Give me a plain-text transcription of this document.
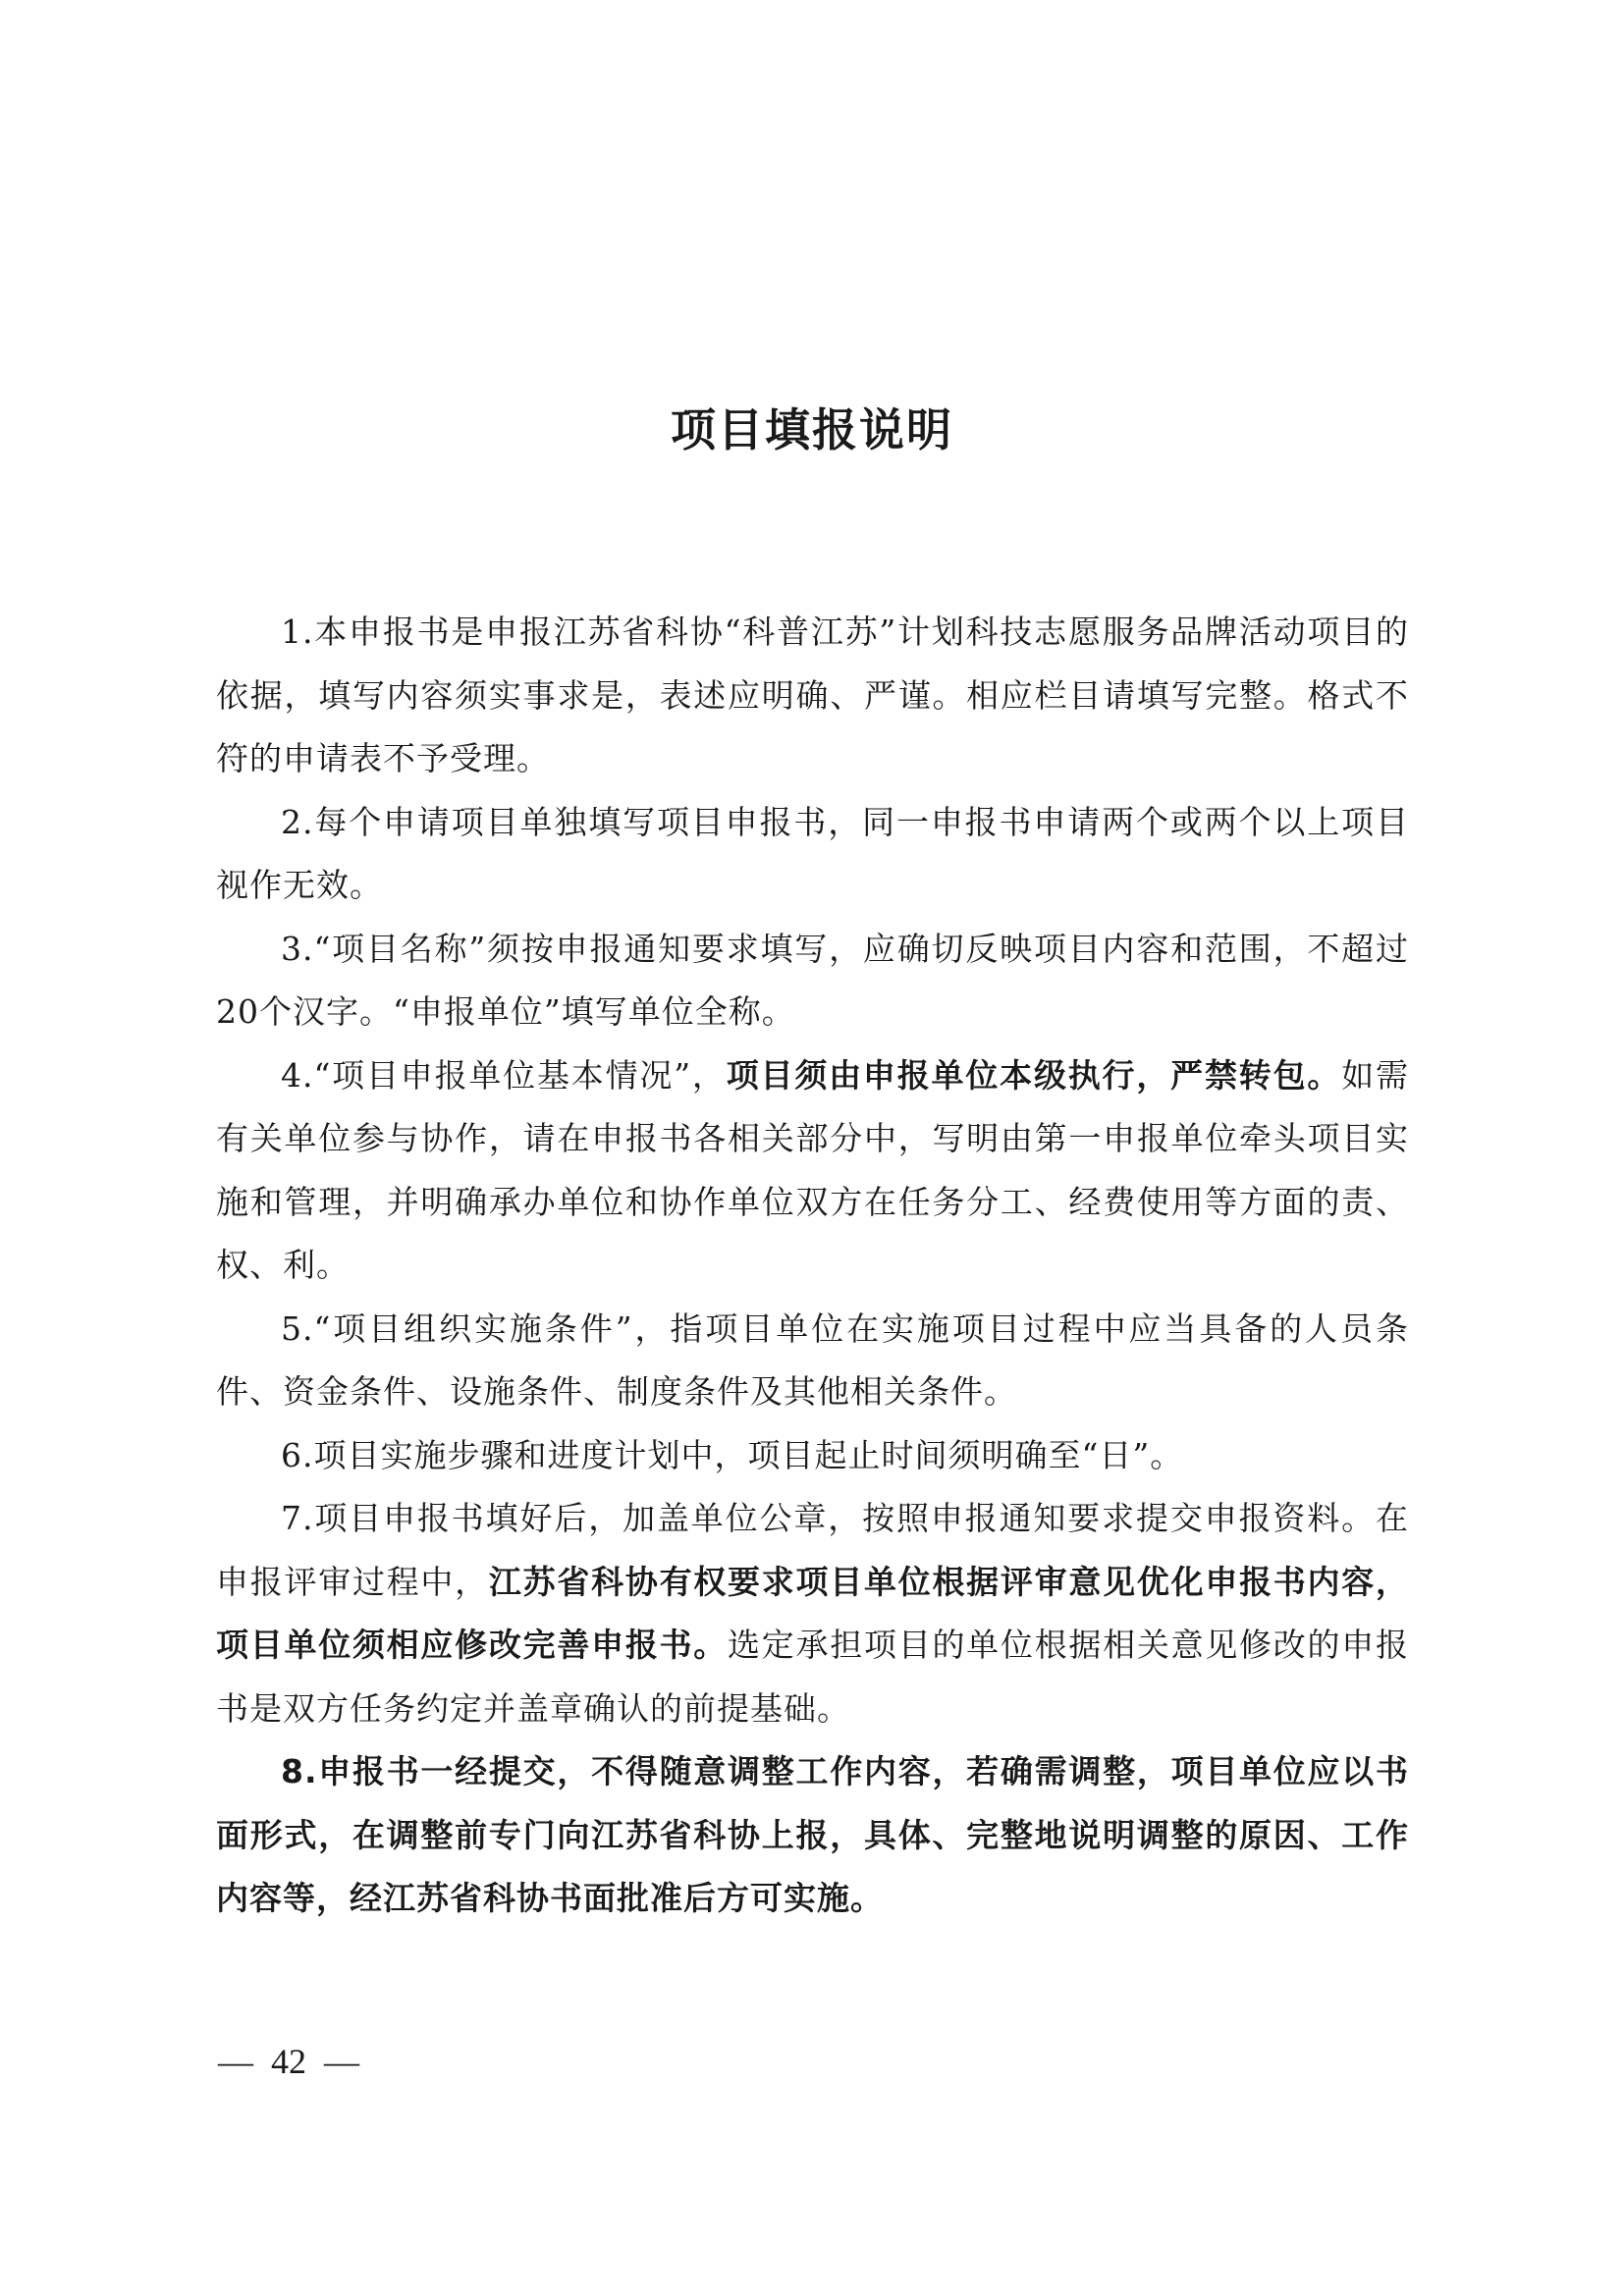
项目填报说明

1.本申报书是申报江苏省科协“科普江苏”计划科技志愿服务品牌活动项目的依据，填写内容须实事求是，表述应明确、严谨。相应栏目请填写完整。格式不符的申请表不予受理。

2.每个申请项目单独填写项目申报书，同一申报书申请两个或两个以上项目视作无效。

3.“项目名称”须按申报通知要求填写，应确切反映项目内容和范围，不超过20个汉字。“申报单位”填写单位全称。

4.“项目申报单位基本情况”，项目须由申报单位本级执行，严禁转包。如需有关单位参与协作，请在申报书各相关部分中，写明由第一申报单位牵头项目实施和管理，并明确承办单位和协作单位双方在任务分工、经费使用等方面的责、权、利。

5.“项目组织实施条件”，指项目单位在实施项目过程中应当具备的人员条件、资金条件、设施条件、制度条件及其他相关条件。

6.项目实施步骤和进度计划中，项目起止时间须明确至“日”。

7.项目申报书填好后，加盖单位公章，按照申报通知要求提交申报资料。在申报评审过程中，江苏省科协有权要求项目单位根据评审意见优化申报书内容，项目单位须相应修改完善申报书。选定承担项目的单位根据相关意见修改的申报书是双方任务约定并盖章确认的前提基础。

8.申报书一经提交，不得随意调整工作内容，若确需调整，项目单位应以书面形式，在调整前专门向江苏省科协上报，具体、完整地说明调整的原因、工作内容等，经江苏省科协书面批准后方可实施。

— 42 —
